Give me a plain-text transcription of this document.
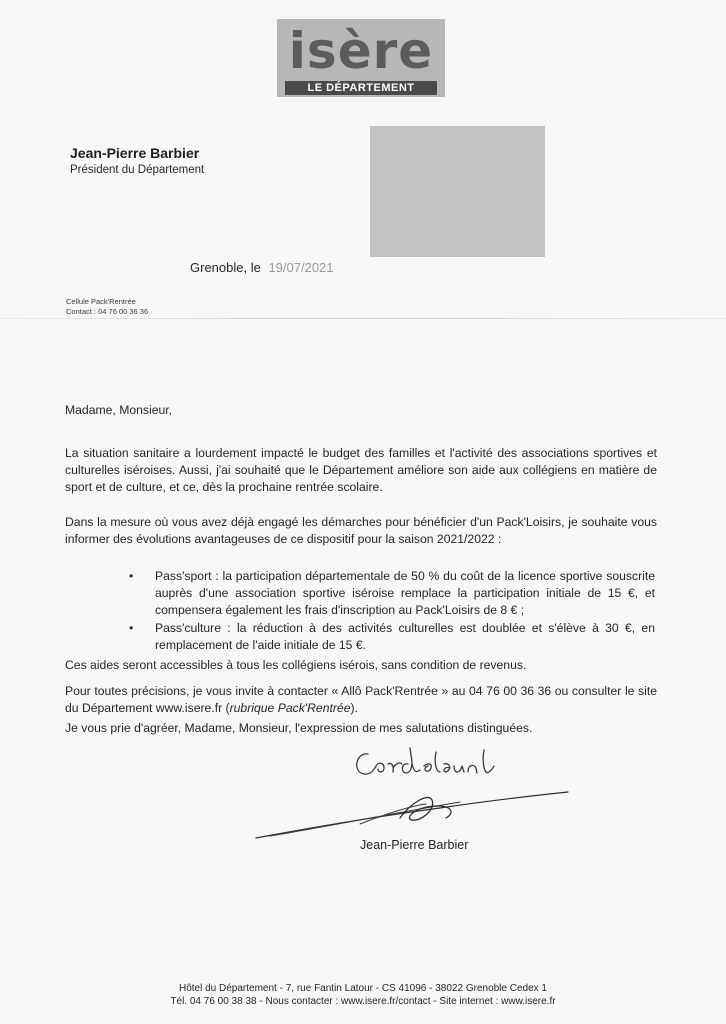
isère
LE DÉPARTEMENT
Jean-Pierre Barbier
Président du Département
Grenoble, le 19/07/2021
Cellule Pack'Rentrée
Contact : 04 76 00 36 36

Madame, Monsieur,

La situation sanitaire a lourdement impacté le budget des familles et l'activité des associations sportives et culturelles iséroises. Aussi, j'ai souhaité que le Département améliore son aide aux collégiens en matière de sport et de culture, et ce, dès la prochaine rentrée scolaire.

Dans la mesure où vous avez déjà engagé les démarches pour bénéficier d'un Pack'Loisirs, je souhaite vous informer des évolutions avantageuses de ce dispositif pour la saison 2021/2022 :

•	Pass'sport : la participation départementale de 50 % du coût de la licence sportive souscrite auprès d'une association sportive iséroise remplace la participation initiale de 15 €, et compensera également les frais d'inscription au Pack'Loisirs de 8 € ;
•	Pass'culture : la réduction à des activités culturelles est doublée et s'élève à 30 €, en remplacement de l'aide initiale de 15 €.

Ces aides seront accessibles à tous les collégiens isérois, sans condition de revenus.

Pour toutes précisions, je vous invite à contacter « Allô Pack'Rentrée » au 04 76 00 36 36 ou consulter le site du Département www.isere.fr (rubrique Pack'Rentrée).

Je vous prie d'agréer, Madame, Monsieur, l'expression de mes salutations distinguées.

Jean-Pierre Barbier
Hôtel du Département - 7, rue Fantin Latour - CS 41096 - 38022 Grenoble Cedex 1
Tél. 04 76 00 38 38 - Nous contacter : www.isere.fr/contact - Site internet : www.isere.fr
